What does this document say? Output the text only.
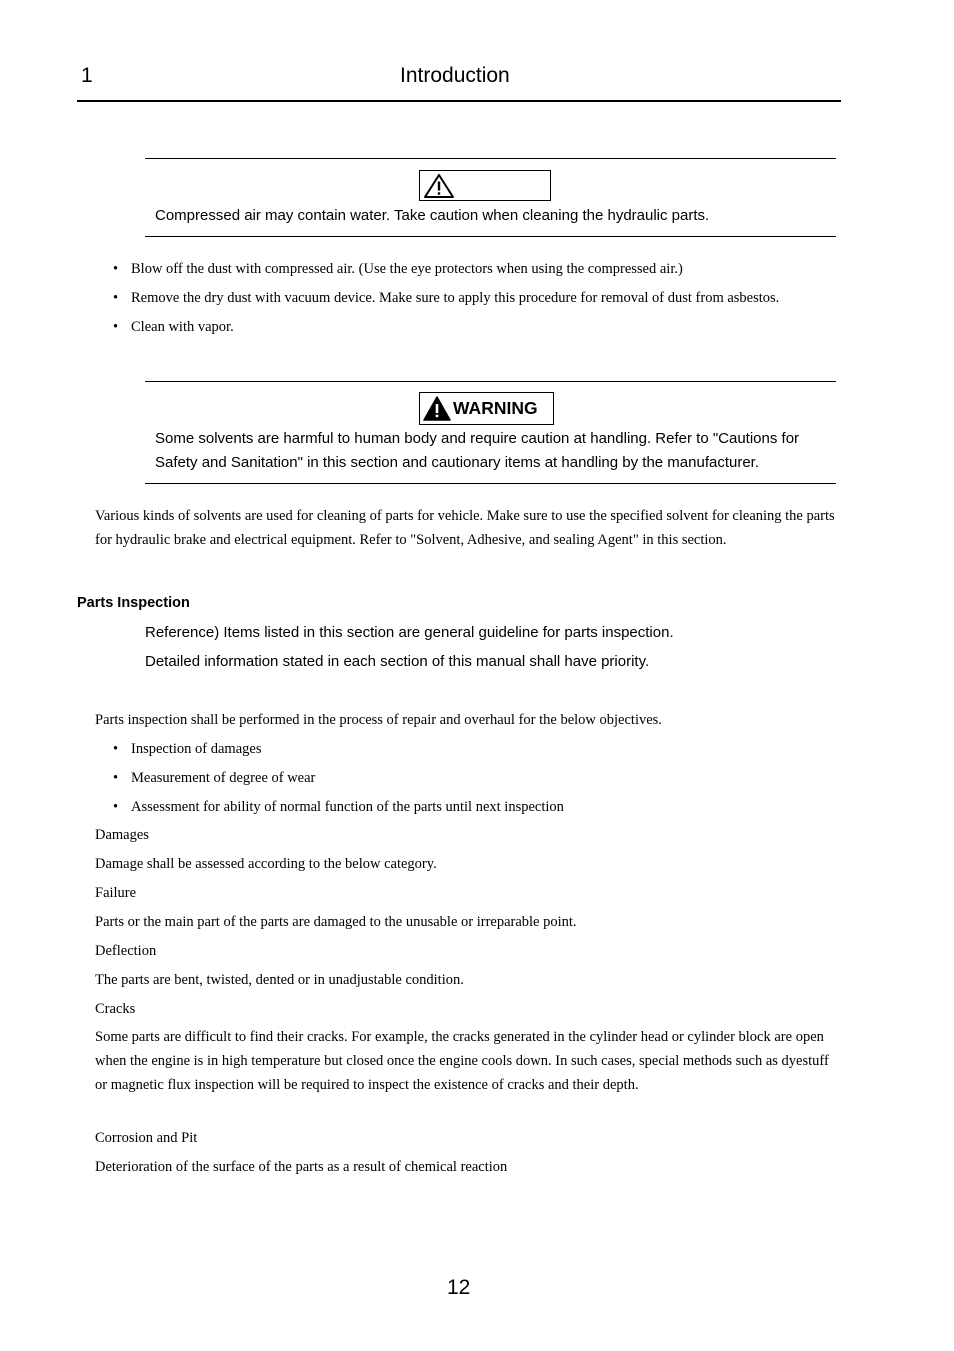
1	Introduction
Compressed air may contain water. Take caution when cleaning the hydraulic parts.
• Blow off the dust with compressed air. (Use the eye protectors when using the compressed air.)
• Remove the dry dust with vacuum device. Make sure to apply this procedure for removal of dust from asbestos.
• Clean with vapor.
WARNING
Some solvents are harmful to human body and require caution at handling. Refer to "Cautions for Safety and Sanitation" in this section and cautionary items at handling by the manufacturer.

Various kinds of solvents are used for cleaning of parts for vehicle. Make sure to use the specified solvent for cleaning the parts for hydraulic brake and electrical equipment. Refer to "Solvent, Adhesive, and sealing Agent" in this section.

Parts Inspection
Reference) Items listed in this section are general guideline for parts inspection.
Detailed information stated in each section of this manual shall have priority.

Parts inspection shall be performed in the process of repair and overhaul for the below objectives.

• Inspection of damages
• Measurement of degree of wear
• Assessment for ability of normal function of the parts until next inspection

Damages

Damage shall be assessed according to the below category.

Failure

Parts or the main part of the parts are damaged to the unusable or irreparable point.

Deflection

The parts are bent, twisted, dented or in unadjustable condition.

Cracks

Some parts are difficult to find their cracks. For example, the cracks generated in the cylinder head or cylinder block are open when the engine is in high temperature but closed once the engine cools down. In such cases, special methods such as dyestuff or magnetic flux inspection will be required to inspect the existence of cracks and their depth.

Corrosion and Pit

Deterioration of the surface of the parts as a result of chemical reaction

12
